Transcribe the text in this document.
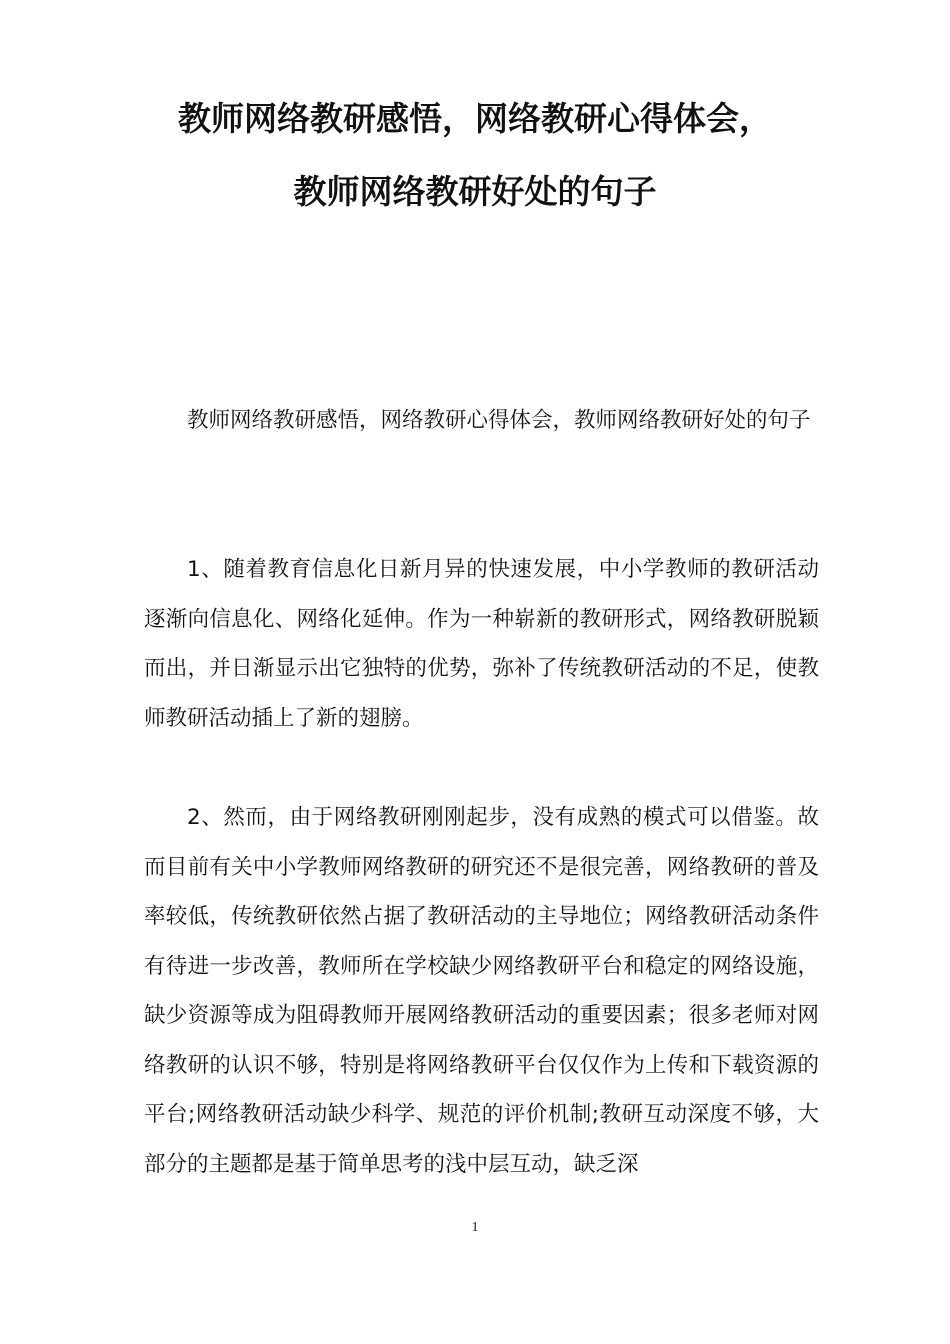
教师网络教研感悟，网络教研心得体会，
教师网络教研好处的句子
教师网络教研感悟，网络教研心得体会，教师网络教研好处的句子
1、随着教育信息化日新月异的快速发展，中小学教师的教研活动逐渐向信息化、网络化延伸。作为一种崭新的教研形式，网络教研脱颖而出，并日渐显示出它独特的优势，弥补了传统教研活动的不足，使教师教研活动插上了新的翅膀。
2、然而，由于网络教研刚刚起步，没有成熟的模式可以借鉴。故而目前有关中小学教师网络教研的研究还不是很完善，网络教研的普及率较低，传统教研依然占据了教研活动的主导地位；网络教研活动条件有待进一步改善，教师所在学校缺少网络教研平台和稳定的网络设施，缺少资源等成为阻碍教师开展网络教研活动的重要因素；很多老师对网络教研的认识不够，特别是将网络教研平台仅仅作为上传和下载资源的平台;网络教研活动缺少科学、规范的评价机制;教研互动深度不够，大部分的主题都是基于简单思考的浅中层互动，缺乏深
1
